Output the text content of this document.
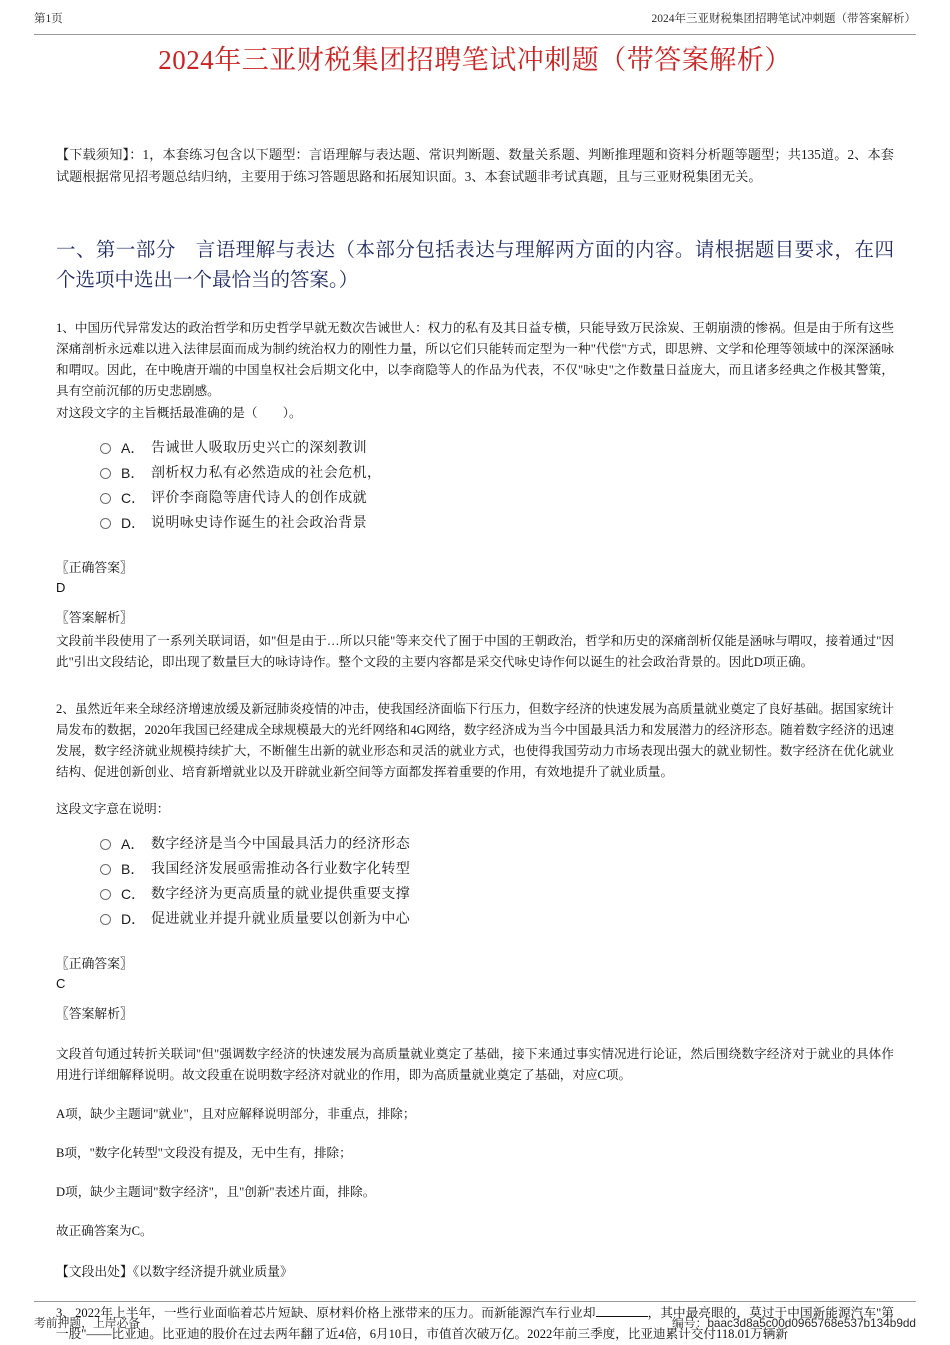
第1页	2024年三亚财税集团招聘笔试冲刺题（带答案解析）
2024年三亚财税集团招聘笔试冲刺题（带答案解析）
【下载须知】：1，本套练习包含以下题型：言语理解与表达题、常识判断题、数量关系题、判断推理题和资料分析题等题型；共135道。2、本套试题根据常见招考题总结归纳，主要用于练习答题思路和拓展知识面。3、本套试题非考试真题，且与三亚财税集团无关。
一、第一部分　言语理解与表达（本部分包括表达与理解两方面的内容。请根据题目要求，在四个选项中选出一个最恰当的答案。）
1、中国历代异常发达的政治哲学和历史哲学早就无数次告诫世人：权力的私有及其日益专横，只能导致万民涂炭、王朝崩溃的惨祸。但是由于所有这些深痛剖析永远难以进入法律层面而成为制约统治权力的刚性力量，所以它们只能转而定型为一种"代偿"方式，即思辨、文学和伦理等领域中的深深涵咏和喟叹。因此，在中晚唐开端的中国皇权社会后期文化中，以李商隐等人的作品为代表，不仅"咏史"之作数量日益庞大，而且诸多经典之作极其警策，具有空前沉郁的历史悲剧感。
对这段文字的主旨概括最准确的是（　　）。
A． 告诫世人吸取历史兴亡的深刻教训
B． 剖析权力私有必然造成的社会危机，
C． 评价李商隐等唐代诗人的创作成就
D． 说明咏史诗作诞生的社会政治背景
〖正确答案〗
D
〖答案解析〗
文段前半段使用了一系列关联词语，如"但是由于…所以只能"等来交代了囿于中国的王朝政治，哲学和历史的深痛剖析仅能是涵咏与喟叹，接着通过"因此"引出文段结论，即出现了数量巨大的咏诗诗作。整个文段的主要内容都是采交代咏史诗作何以诞生的社会政治背景的。因此D项正确。
2、虽然近年来全球经济增速放缓及新冠肺炎疫情的冲击，使我国经济面临下行压力，但数字经济的快速发展为高质量就业奠定了良好基础。据国家统计局发布的数据，2020年我国已经建成全球规模最大的光纤网络和4G网络，数字经济成为当今中国最具活力和发展潜力的经济形态。随着数字经济的迅速发展，数字经济就业规模持续扩大，不断催生出新的就业形态和灵活的就业方式，也使得我国劳动力市场表现出强大的就业韧性。数字经济在优化就业结构、促进创新创业、培育新增就业以及开辟就业新空间等方面都发挥着重要的作用，有效地提升了就业质量。
这段文字意在说明：
A． 数字经济是当今中国最具活力的经济形态
B． 我国经济发展亟需推动各行业数字化转型
C． 数字经济为更高质量的就业提供重要支撑
D． 促进就业并提升就业质量要以创新为中心
〖正确答案〗
C
〖答案解析〗
文段首句通过转折关联词"但"强调数字经济的快速发展为高质量就业奠定了基础，接下来通过事实情况进行论证，然后围绕数字经济对于就业的具体作用进行详细解释说明。故文段重在说明数字经济对就业的作用，即为高质量就业奠定了基础，对应C项。
A项，缺少主题词"就业"，且对应解释说明部分，非重点，排除；
B项，"数字化转型"文段没有提及，无中生有，排除；
D项，缺少主题词"数字经济"，且"创新"表述片面，排除。
故正确答案为C。
【文段出处】《以数字经济提升就业质量》
3、2022年上半年，一些行业面临着芯片短缺、原材料价格上涨带来的压力。而新能源汽车行业却	，其中最亮眼的，莫过于中国新能源汽车"第一股"——比亚迪。比亚迪的股价在过去两年翻了近4倍，6月10日，市值首次破万亿。2022年前三季度，比亚迪累计交付118.01万辆新
考前押题，上岸必备	编号：baac3d8a5c00d0965768e537b134b9dd
